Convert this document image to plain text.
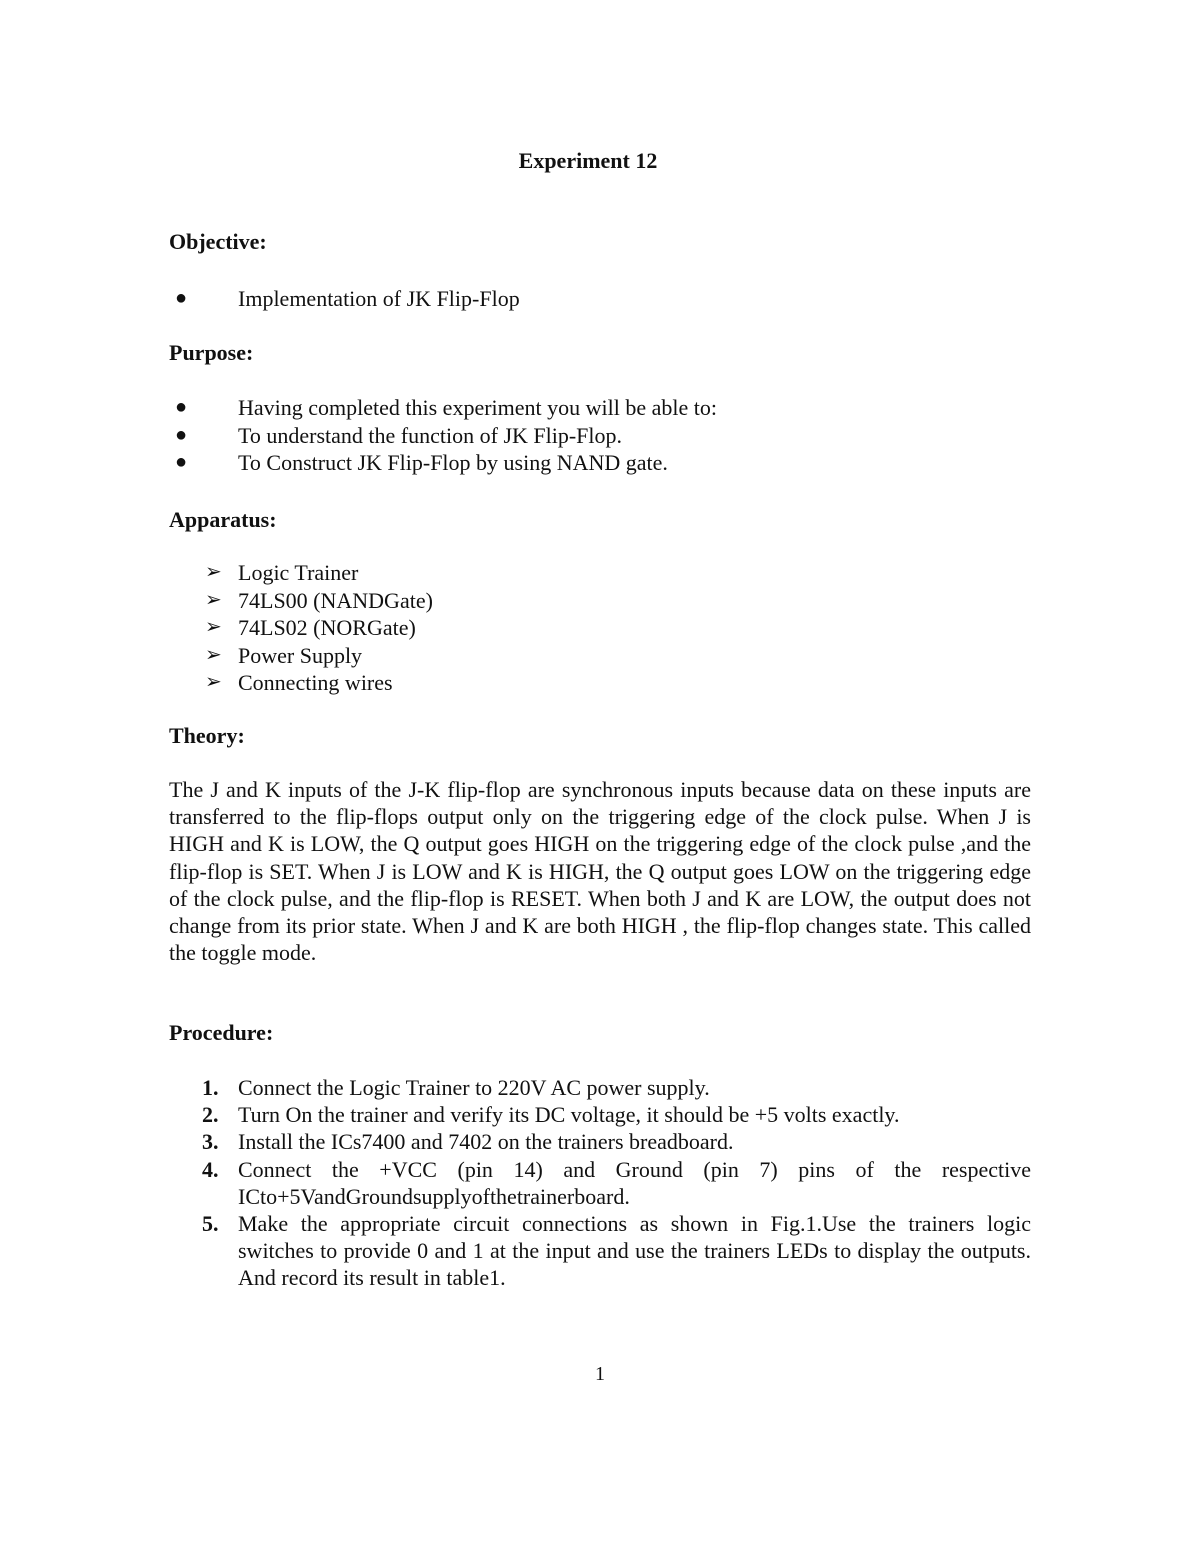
Experiment 12
Objective:
● Implementation of JK Flip-Flop
Purpose:
● Having completed this experiment you will be able to:
● To understand the function of JK Flip-Flop.
● To Construct JK Flip-Flop by using NAND gate.
Apparatus:
➢ Logic Trainer
➢ 74LS00 (NANDGate)
➢ 74LS02 (NORGate)
➢ Power Supply
➢ Connecting wires
Theory:

The J and K inputs of the J-K flip-flop are synchronous inputs because data on these inputs are transferred to the flip-flops output only on the triggering edge of the clock pulse. When J is HIGH and K is LOW, the Q output goes HIGH on the triggering edge of the clock pulse ,and the flip-flop is SET. When J is LOW and K is HIGH, the Q output goes LOW on the triggering edge of the clock pulse, and the flip-flop is RESET. When both J and K are LOW, the output does not change from its prior state. When J and K are both HIGH , the flip-flop changes state. This called the toggle mode.

Procedure:
1. Connect the Logic Trainer to 220V AC power supply.
2. Turn On the trainer and verify its DC voltage, it should be +5 volts exactly.
3. Install the ICs7400 and 7402 on the trainers breadboard.
4. Connect the +VCC (pin 14) and Ground (pin 7) pins of the respective ICto+5VandGroundsupplyofthetrainerboard.
5. Make the appropriate circuit connections as shown in Fig.1.Use the trainers logic switches to provide 0 and 1 at the input and use the trainers LEDs to display the outputs. And record its result in table1.
1
